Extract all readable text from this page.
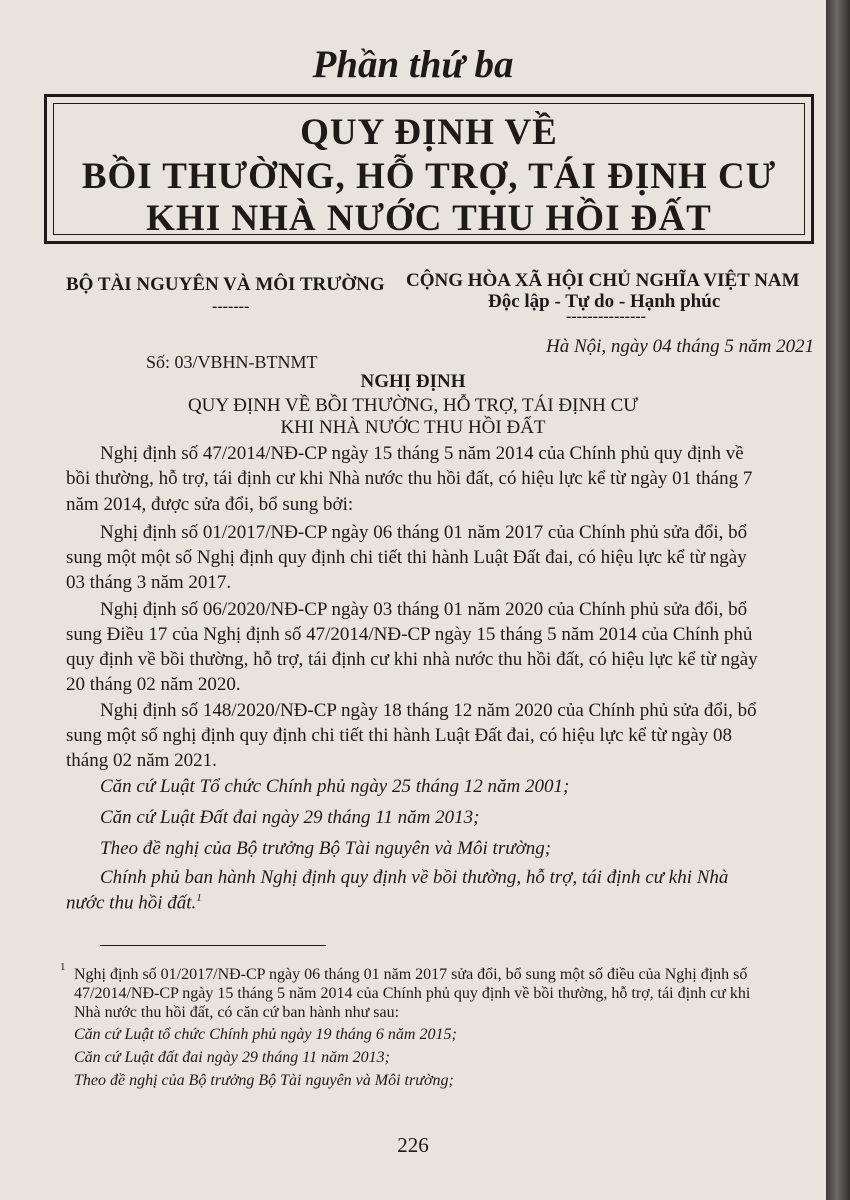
Phần thứ ba
QUY ĐỊNH VỀ
BỒI THƯỜNG, HỖ TRỢ, TÁI ĐỊNH CƯ
KHI NHÀ NƯỚC THU HỒI ĐẤT
BỘ TÀI NGUYÊN VÀ MÔI TRƯỜNG
-------
CỘNG HÒA XÃ HỘI CHỦ NGHĨA VIỆT NAM
Độc lập - Tự do - Hạnh phúc
---------------
Hà Nội, ngày 04 tháng 5 năm 2021
Số: 03/VBHN-BTNMT
NGHỊ ĐỊNH
QUY ĐỊNH VỀ BỒI THƯỜNG, HỖ TRỢ, TÁI ĐỊNH CƯ
KHI NHÀ NƯỚC THU HỒI ĐẤT
Nghị định số 47/2014/NĐ-CP ngày 15 tháng 5 năm 2014 của Chính phủ quy định về
bồi thường, hỗ trợ, tái định cư khi Nhà nước thu hồi đất, có hiệu lực kể từ ngày 01 tháng 7
năm 2014, được sửa đổi, bổ sung bởi:
Nghị định số 01/2017/NĐ-CP ngày 06 tháng 01 năm 2017 của Chính phủ sửa đổi, bổ
sung một một số Nghị định quy định chi tiết thi hành Luật Đất đai, có hiệu lực kể từ ngày
03 tháng 3 năm 2017.
Nghị định số 06/2020/NĐ-CP ngày 03 tháng 01 năm 2020 của Chính phủ sửa đổi, bổ
sung Điều 17 của Nghị định số 47/2014/NĐ-CP ngày 15 tháng 5 năm 2014 của Chính phủ
quy định về bồi thường, hỗ trợ, tái định cư khi nhà nước thu hồi đất, có hiệu lực kể từ ngày
20 tháng 02 năm 2020.
Nghị định số 148/2020/NĐ-CP ngày 18 tháng 12 năm 2020 của Chính phủ sửa đổi, bổ
sung một số nghị định quy định chi tiết thi hành Luật Đất đai, có hiệu lực kể từ ngày 08
tháng 02 năm 2021.
Căn cứ Luật Tổ chức Chính phủ ngày 25 tháng 12 năm 2001;
Căn cứ Luật Đất đai ngày 29 tháng 11 năm 2013;
Theo đề nghị của Bộ trưởng Bộ Tài nguyên và Môi trường;
Chính phủ ban hành Nghị định quy định về bồi thường, hỗ trợ, tái định cư khi Nhà
nước thu hồi đất.$^1$
1 Nghị định số 01/2017/NĐ-CP ngày 06 tháng 01 năm 2017 sửa đổi, bổ sung một số điều của Nghị định số
47/2014/NĐ-CP ngày 15 tháng 5 năm 2014 của Chính phủ quy định về bồi thường, hỗ trợ, tái định cư khi
Nhà nước thu hồi đất, có căn cứ ban hành như sau:
Căn cứ Luật tổ chức Chính phủ ngày 19 tháng 6 năm 2015;
Căn cứ Luật đất đai ngày 29 tháng 11 năm 2013;
Theo đề nghị của Bộ trưởng Bộ Tài nguyên và Môi trường;
226
